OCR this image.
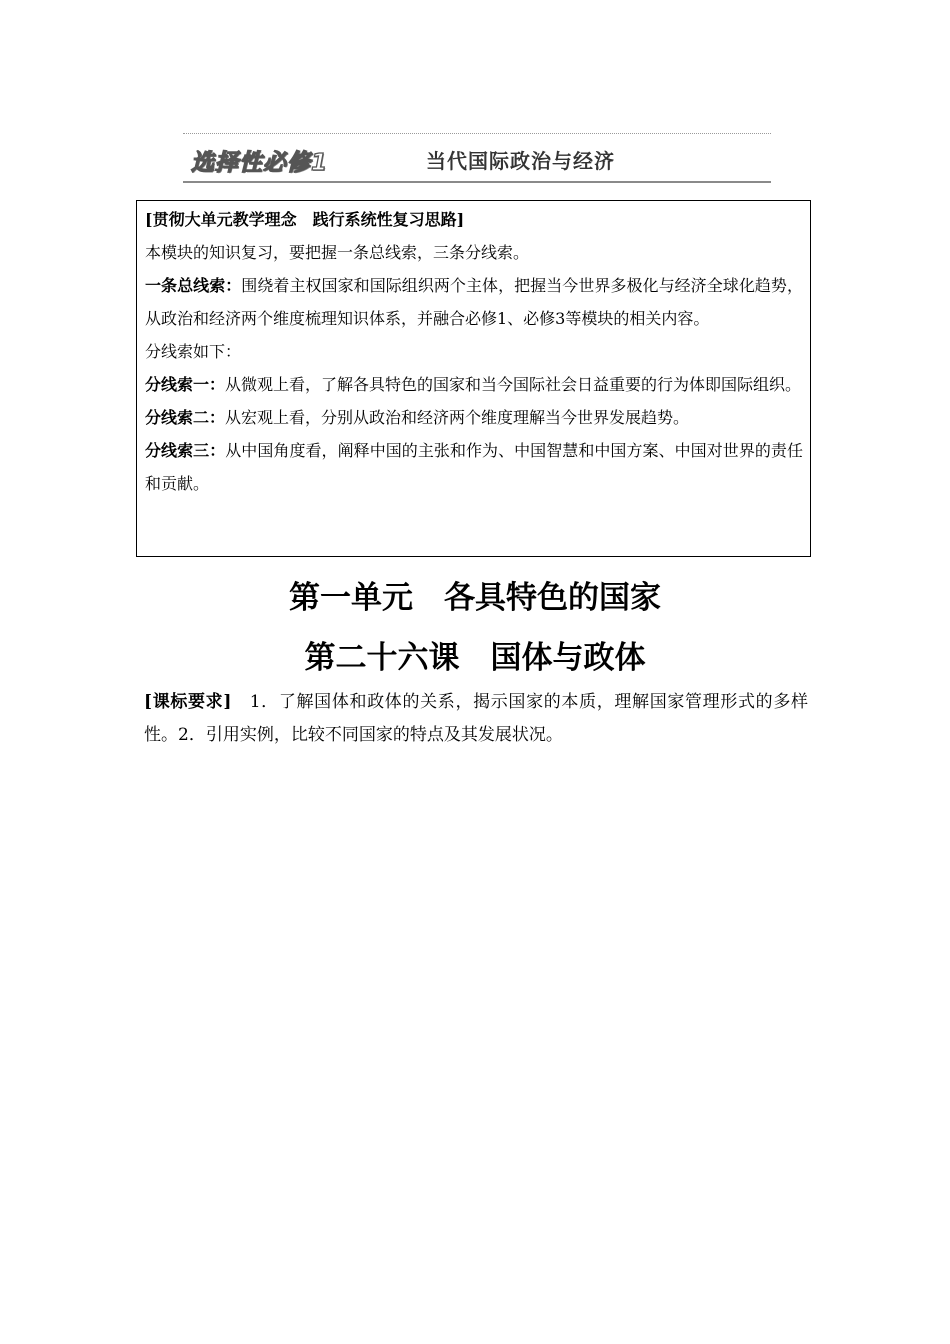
选择性必修1	当代国际政治与经济

[贯彻大单元教学理念　践行系统性复习思路]

本模块的知识复习，要把握一条总线索，三条分线索。

一条总线索：围绕着主权国家和国际组织两个主体，把握当今世界多极化与经济全球化趋势，从政治和经济两个维度梳理知识体系，并融合必修1、必修3等模块的相关内容。

分线索如下：

分线索一：从微观上看，了解各具特色的国家和当今国际社会日益重要的行为体即国际组织。

分线索二：从宏观上看，分别从政治和经济两个维度理解当今世界发展趋势。

分线索三：从中国角度看，阐释中国的主张和作为、中国智慧和中国方案、中国对世界的责任和贡献。

第一单元　各具特色的国家
第二十六课　国体与政体
[课标要求]　1．了解国体和政体的关系，揭示国家的本质，理解国家管理形式的多样性。2．引用实例，比较不同国家的特点及其发展状况。
